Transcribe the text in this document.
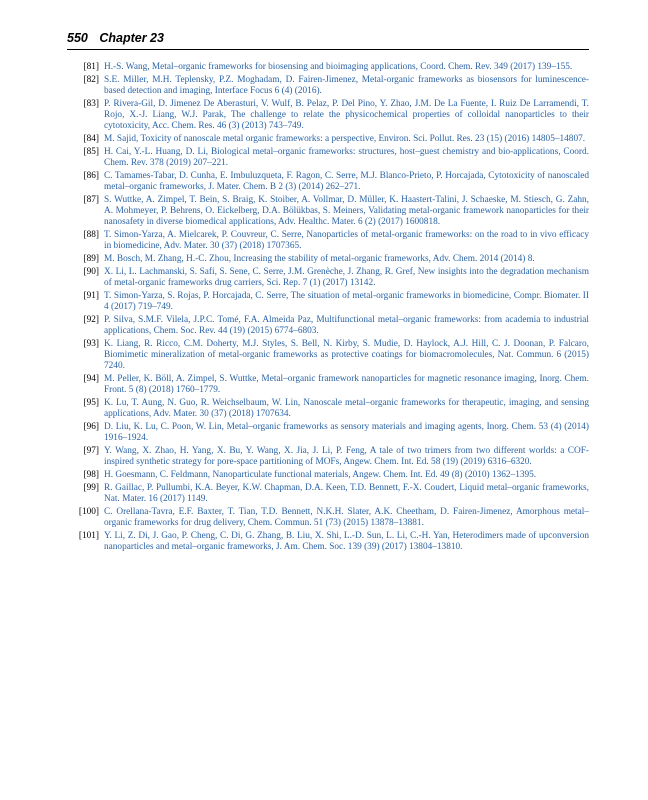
550 Chapter 23
[81] H.-S. Wang, Metal–organic frameworks for biosensing and bioimaging applications, Coord. Chem. Rev. 349 (2017) 139–155.
[82] S.E. Miller, M.H. Teplensky, P.Z. Moghadam, D. Fairen-Jimenez, Metal-organic frameworks as biosensors for luminescence-based detection and imaging, Interface Focus 6 (4) (2016).
[83] P. Rivera-Gil, D. Jimenez De Aberasturi, V. Wulf, B. Pelaz, P. Del Pino, Y. Zhao, J.M. De La Fuente, I. Ruiz De Larramendi, T. Rojo, X.-J. Liang, W.J. Parak, The challenge to relate the physicochemical properties of colloidal nanoparticles to their cytotoxicity, Acc. Chem. Res. 46 (3) (2013) 743–749.
[84] M. Sajid, Toxicity of nanoscale metal organic frameworks: a perspective, Environ. Sci. Pollut. Res. 23 (15) (2016) 14805–14807.
[85] H. Cai, Y.-L. Huang, D. Li, Biological metal–organic frameworks: structures, host–guest chemistry and bio-applications, Coord. Chem. Rev. 378 (2019) 207–221.
[86] C. Tamames-Tabar, D. Cunha, E. Imbuluzqueta, F. Ragon, C. Serre, M.J. Blanco-Prieto, P. Horcajada, Cytotoxicity of nanoscaled metal–organic frameworks, J. Mater. Chem. B 2 (3) (2014) 262–271.
[87] S. Wuttke, A. Zimpel, T. Bein, S. Braig, K. Stoiber, A. Vollmar, D. Müller, K. Haastert-Talini, J. Schaeske, M. Stiesch, G. Zahn, A. Mohmeyer, P. Behrens, O. Eickelberg, D.A. Bölükbas, S. Meiners, Validating metal-organic framework nanoparticles for their nanosafety in diverse biomedical applications, Adv. Healthc. Mater. 6 (2) (2017) 1600818.
[88] T. Simon-Yarza, A. Mielcarek, P. Couvreur, C. Serre, Nanoparticles of metal-organic frameworks: on the road to in vivo efficacy in biomedicine, Adv. Mater. 30 (37) (2018) 1707365.
[89] M. Bosch, M. Zhang, H.-C. Zhou, Increasing the stability of metal-organic frameworks, Adv. Chem. 2014 (2014) 8.
[90] X. Li, L. Lachmanski, S. Safi, S. Sene, C. Serre, J.M. Grenèche, J. Zhang, R. Gref, New insights into the degradation mechanism of metal-organic frameworks drug carriers, Sci. Rep. 7 (1) (2017) 13142.
[91] T. Simon-Yarza, S. Rojas, P. Horcajada, C. Serre, The situation of metal-organic frameworks in biomedicine, Compr. Biomater. II 4 (2017) 719–749.
[92] P. Silva, S.M.F. Vilela, J.P.C. Tomé, F.A. Almeida Paz, Multifunctional metal–organic frameworks: from academia to industrial applications, Chem. Soc. Rev. 44 (19) (2015) 6774–6803.
[93] K. Liang, R. Ricco, C.M. Doherty, M.J. Styles, S. Bell, N. Kirby, S. Mudie, D. Haylock, A.J. Hill, C. J. Doonan, P. Falcaro, Biomimetic mineralization of metal-organic frameworks as protective coatings for biomacromolecules, Nat. Commun. 6 (2015) 7240.
[94] M. Peller, K. Böll, A. Zimpel, S. Wuttke, Metal–organic framework nanoparticles for magnetic resonance imaging, Inorg. Chem. Front. 5 (8) (2018) 1760–1779.
[95] K. Lu, T. Aung, N. Guo, R. Weichselbaum, W. Lin, Nanoscale metal–organic frameworks for therapeutic, imaging, and sensing applications, Adv. Mater. 30 (37) (2018) 1707634.
[96] D. Liu, K. Lu, C. Poon, W. Lin, Metal–organic frameworks as sensory materials and imaging agents, Inorg. Chem. 53 (4) (2014) 1916–1924.
[97] Y. Wang, X. Zhao, H. Yang, X. Bu, Y. Wang, X. Jia, J. Li, P. Feng, A tale of two trimers from two different worlds: a COF-inspired synthetic strategy for pore-space partitioning of MOFs, Angew. Chem. Int. Ed. 58 (19) (2019) 6316–6320.
[98] H. Goesmann, C. Feldmann, Nanoparticulate functional materials, Angew. Chem. Int. Ed. 49 (8) (2010) 1362–1395.
[99] R. Gaillac, P. Pullumbi, K.A. Beyer, K.W. Chapman, D.A. Keen, T.D. Bennett, F.-X. Coudert, Liquid metal–organic frameworks, Nat. Mater. 16 (2017) 1149.
[100] C. Orellana-Tavra, E.F. Baxter, T. Tian, T.D. Bennett, N.K.H. Slater, A.K. Cheetham, D. Fairen-Jimenez, Amorphous metal–organic frameworks for drug delivery, Chem. Commun. 51 (73) (2015) 13878–13881.
[101] Y. Li, Z. Di, J. Gao, P. Cheng, C. Di, G. Zhang, B. Liu, X. Shi, L.-D. Sun, L. Li, C.-H. Yan, Heterodimers made of upconversion nanoparticles and metal–organic frameworks, J. Am. Chem. Soc. 139 (39) (2017) 13804–13810.
